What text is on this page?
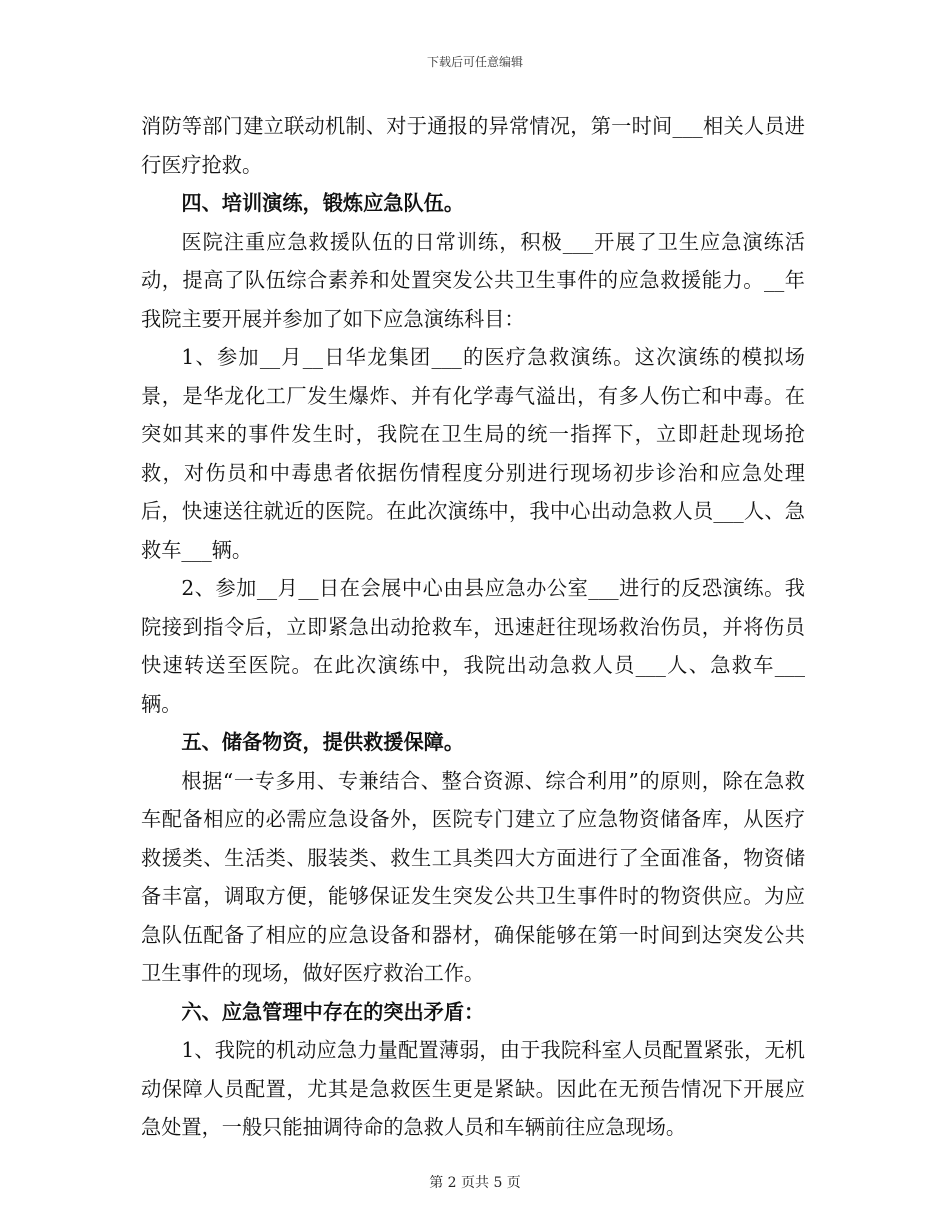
下载后可任意编辑

消防等部门建立联动机制、对于通报的异常情况，第一时间___相关人员进行医疗抢救。

四、培训演练，锻炼应急队伍。

医院注重应急救援队伍的日常训练，积极___开展了卫生应急演练活动，提高了队伍综合素养和处置突发公共卫生事件的应急救援能力。__年我院主要开展并参加了如下应急演练科目：

1、参加__月__日华龙集团___的医疗急救演练。这次演练的模拟场景，是华龙化工厂发生爆炸、并有化学毒气溢出，有多人伤亡和中毒。在突如其来的事件发生时，我院在卫生局的统一指挥下，立即赶赴现场抢救，对伤员和中毒患者依据伤情程度分别进行现场初步诊治和应急处理后，快速送往就近的医院。在此次演练中，我中心出动急救人员___人、急救车___辆。

2、参加__月__日在会展中心由县应急办公室___进行的反恐演练。我院接到指令后，立即紧急出动抢救车，迅速赶往现场救治伤员，并将伤员快速转送至医院。在此次演练中，我院出动急救人员___人、急救车___辆。

五、储备物资，提供救援保障。

根据“一专多用、专兼结合、整合资源、综合利用”的原则，除在急救车配备相应的必需应急设备外，医院专门建立了应急物资储备库，从医疗救援类、生活类、服装类、救生工具类四大方面进行了全面准备，物资储备丰富，调取方便，能够保证发生突发公共卫生事件时的物资供应。为应急队伍配备了相应的应急设备和器材，确保能够在第一时间到达突发公共卫生事件的现场，做好医疗救治工作。

六、应急管理中存在的突出矛盾：

1、我院的机动应急力量配置薄弱，由于我院科室人员配置紧张，无机动保障人员配置，尤其是急救医生更是紧缺。因此在无预告情况下开展应急处置，一般只能抽调待命的急救人员和车辆前往应急现场。

第 2 页共 5 页
